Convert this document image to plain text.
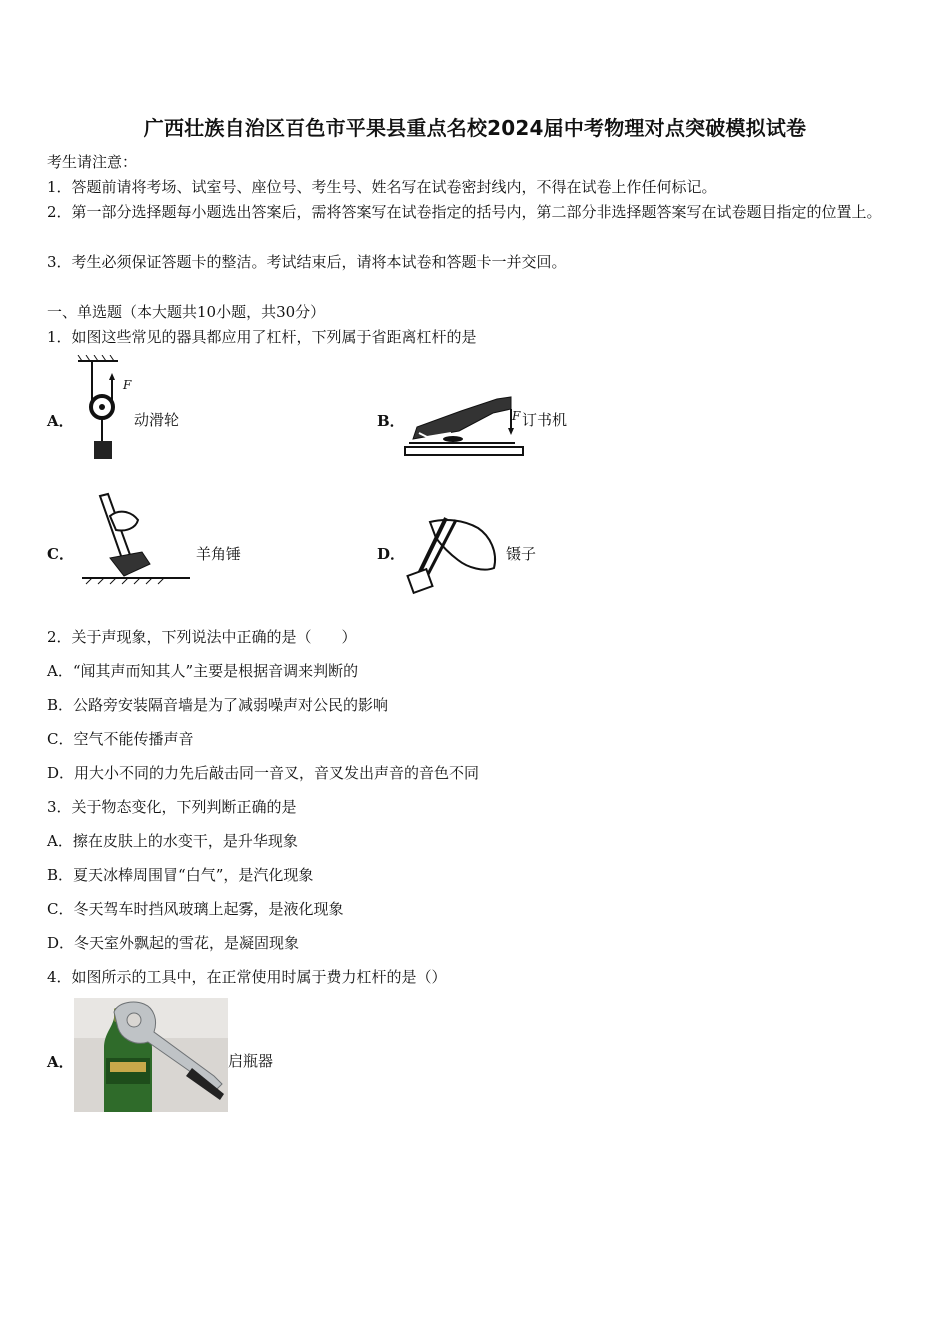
广西壮族自治区百色市平果县重点名校2024届中考物理对点突破模拟试卷
考生请注意：
1．答题前请将考场、试室号、座位号、考生号、姓名写在试卷密封线内，不得在试卷上作任何标记。
2．第一部分选择题每小题选出答案后，需将答案写在试卷指定的括号内，第二部分非选择题答案写在试卷题目指定的位置上。
3．考生必须保证答题卡的整洁。考试结束后，请将本试卷和答题卡一并交回。
一、单选题（本大题共10小题，共30分）
1．如图这些常见的器具都应用了杠杆，下列属于省距离杠杆的是
A．
F
动滑轮	B．	F 订书机
C．	羊角锤	D．	镊子
2．关于声现象，下列说法中正确的是（　　）
A．“闻其声而知其人”主要是根据音调来判断的
B．公路旁安装隔音墙是为了减弱噪声对公民的影响
C．空气不能传播声音
D．用大小不同的力先后敲击同一音叉，音叉发出声音的音色不同
3．关于物态变化，下列判断正确的是
A．擦在皮肤上的水变干，是升华现象
B．夏天冰棒周围冒“白气”，是汽化现象
C．冬天驾车时挡风玻璃上起雾，是液化现象
D．冬天室外飘起的雪花，是凝固现象
4．如图所示的工具中，在正常使用时属于费力杠杆的是（）
A．	启瓶器
